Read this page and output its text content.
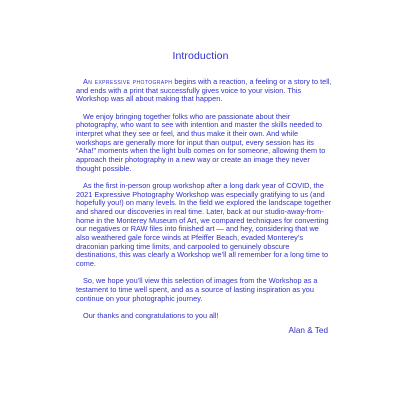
Introduction

An expressive photograph begins with a reaction, a feeling or a story to tell, and ends with a print that successfully gives voice to your vision. This Workshop was all about making that happen.

We enjoy bringing together folks who are passionate about their photography, who want to see with intention and master the skills needed to interpret what they see or feel, and thus make it their own. And while workshops are generally more for input than output, every session has its “Aha!” moments when the light bulb comes on for someone, allowing them to approach their photography in a new way or create an image they never thought possible.

As the first in-person group workshop after a long dark year of COVID, the 2021 Expressive Photography Workshop was especially gratifying to us (and hopefully you!) on many levels. In the field we explored the landscape together and shared our discoveries in real time. Later, back at our studio-away-from-home in the Monterey Museum of Art, we compared techniques for converting our negatives or RAW files into finished art — and hey, considering that we also weathered gale force winds at Pfeiffer Beach, evaded Monterey’s draconian parking time limits, and carpooled to genuinely obscure destinations, this was clearly a Workshop we’ll all remember for a long time to come.

So, we hope you’ll view this selection of images from the Workshop as a testament to time well spent, and as a source of lasting inspiration as you continue on your photographic journey.

Our thanks and congratulations to you all!

Alan & Ted
